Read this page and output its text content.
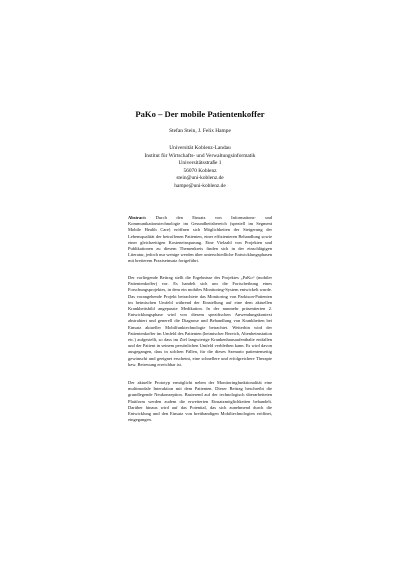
PaKo – Der mobile Patientenkoffer
Stefan Stein, J. Felix Hampe
Universität Koblenz-Landau
Institut für Wirtschafts- und Verwaltungsinformatik
Universitätsstraße 1
56070 Koblenz
stein@uni-koblenz.de
hampe@uni-koblenz.de
Abstract: Durch den Einsatz von Informations- und Kommunikationstechnologie im Gesundheitsbereich (speziell im Segment Mobile Health Care) eröffnen sich Möglichkeiten der Steigerung der Lebensqualität der betroffenen Patienten, einer effizienteren Behandlung sowie einer gleichzeitigen Kosteneinsparung. Eine Vielzahl von Projekten und Publikationen zu diesem Themenkreis finden sich in der einschlägigen Literatur, jedoch nur wenige werden über unterschiedliche Entwicklungsphasen mit breiterem Praxiseinsatz fortgeführt.
Der vorliegende Beitrag stellt die Ergebnisse des Projektes „PaKo“ (mobiler Patientenkoffer) vor. Es handelt sich um die Fortscheibung eines Forschungsprojektes, in dem ein mobiles Monitoring-System entwickelt wurde. Das vorangehende Projekt betrachtete das Monitoring von Parkison-Patienten im heimischen Umfeld während der Einstellung auf eine dem aktuellen Krankheitsbild angepasste Medikation. In der nunmehr präsentierten 2. Entwicklungsphase wird von diesem spezifischen Anwendungskontext abstrahiert und generell die Diagnose und Behandlung von Krankheiten bei Einsatz aktueller Mobilfunktechnologie betrachtet. Weiterhin wird der Patientenkoffer im Umfeld des Patienten (heimischer Bereich, Altenheimstation etc.) aufgestellt, so dass im Ziel langwierige Krankenhausaufenthalte entfallen und der Patient in seinem persönlichen Umfeld verbleiben kann. Es wird davon ausgegangen, dass in solchen Fällen, für die dieses Szenario patientenseitig gewünscht und geeignet erscheint, eine schnellere und erfolgreichere Therapie bzw. Betreuung erreichbar ist.
Der aktuelle Prototyp ermöglicht neben der Monitoringfunktionalität eine multimodale Interaktion mit dem Patienten. Dieser Beitrag beschreibt die grundlegende Neukonzeption. Basierend auf der technologisch überarbeiteten Plattform werden zudem die erweiterten Einsatzmöglichkeiten behandelt. Darüber hinaus wird auf das Potential, das sich zunehmend durch die Entwicklung und den Einsatz von breitbandigen Mobiltechnologien eröffnet, eingegangen.
